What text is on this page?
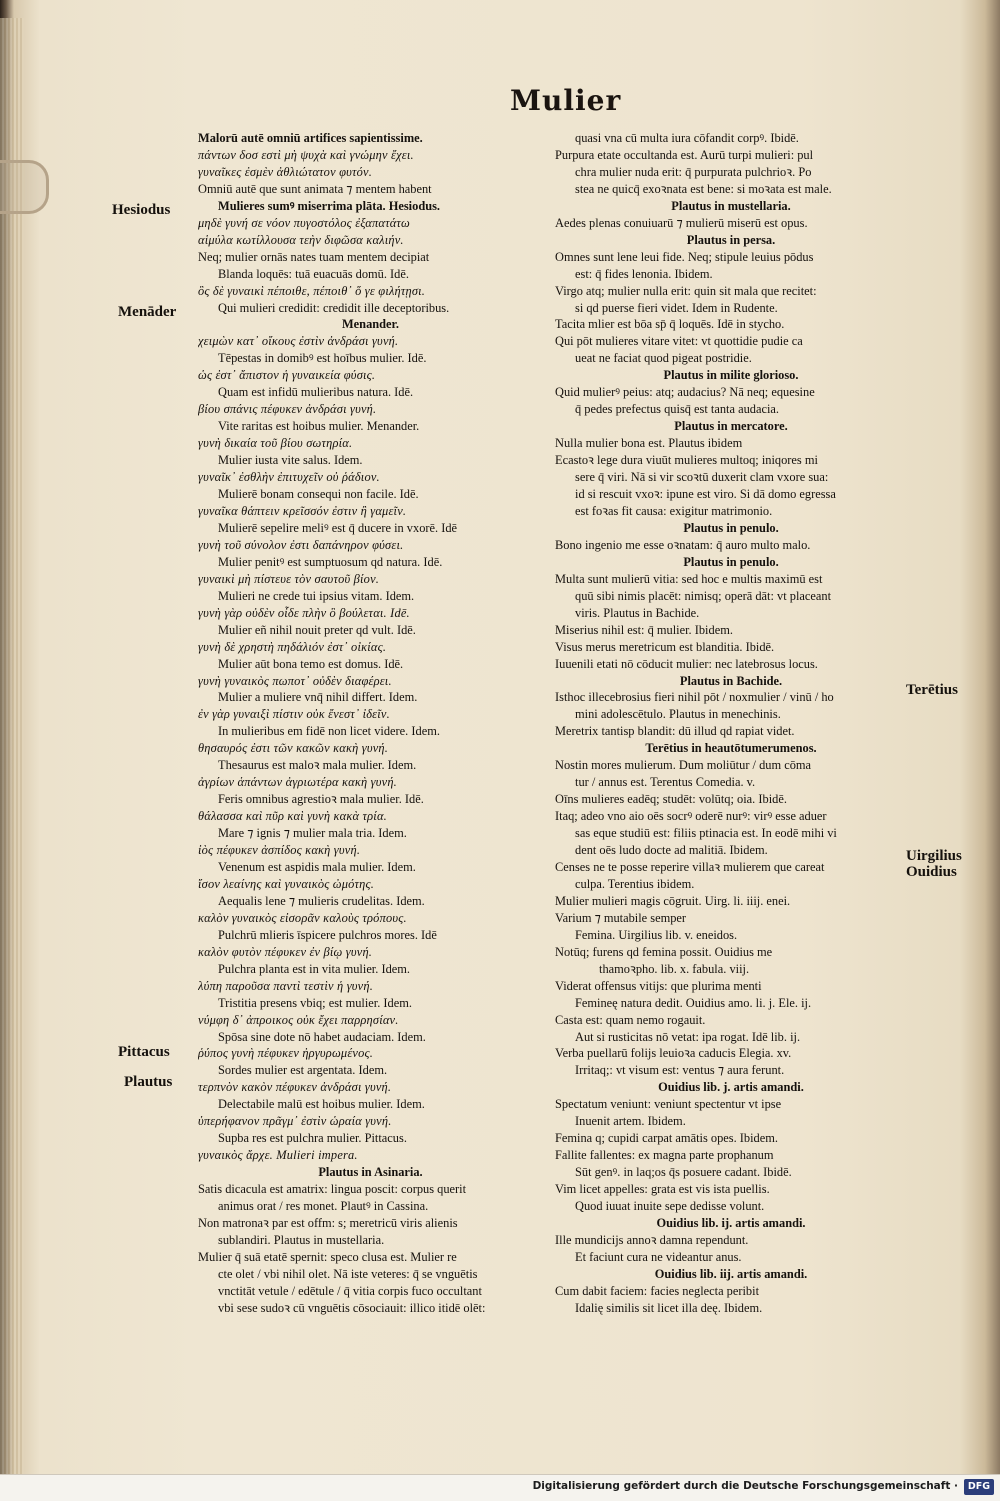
Mulier
Hesiodus
Menāder
Pittacus
Plautus
Terētius
Uirgilius
Ouidius
Malorū autē omniū artifices sapientissime.
πάντων δοσ εστὶ μὴ ψυχὰ καὶ γνώμην ἔχει.
γυναῖκες ἐσμὲν ἀθλιώτατον φυτόν.
Omniū autē que sunt animata ⁊ mentem habent
Mulieres sumꝰ miserrima plāta. Hesiodus.
μηδὲ γυνή σε νόον πυγοστόλος ἐξαπατάτω
αἱμύλα κωτίλλουσα τεὴν διφῶσα καλιήν.
Neq; mulier ornās nates tuam mentem decipiat
Blanda loquēs: tuā euacuās domū. Idē.
ὃς δὲ γυναικὶ πέποιθε, πέποιθ᾽ ὅ γε φιλήτῃσι.
Qui mulieri credidit: credidit ille deceptoribus.
Menander.
χειμὼν κατ᾽ οἴκους ἐστὶν ἀνδράσι γυνή.
Tēpestas in domibꝰ est hoībus mulier. Idē.
ὡς ἐστ᾽ ἄπιστον ἡ γυναικεία φύσις.
Quam est infidū mulieribus natura. Idē.
βίου σπάνις πέφυκεν ἀνδράσι γυνή.
Vite raritas est hoibus mulier. Menander.
γυνὴ δικαία τοῦ βίου σωτηρία.
Mulier iusta vite salus. Idem.
γυναῖκ᾽ ἐσθλὴν ἐπιτυχεῖν οὐ ῥάδιον.
Mulierē bonam consequi non facile. Idē.
γυναῖκα θάπτειν κρεῖσσόν ἐστιν ἢ γαμεῖν.
Mulierē sepelire meliꝰ est q̄ ducere in vxorē. Idē
γυνὴ τοῦ σύνολον ἐστι δαπάνηρον φύσει.
Mulier penitꝰ est sumptuosum qd natura. Idē.
γυναικὶ μὴ πίστευε τὸν σαυτοῦ βίον.
Mulieri ne crede tui ipsius vitam. Idem.
γυνὴ γὰρ οὐδὲν οἶδε πλὴν ὃ βούλεται. Idē.
Mulier eñ nihil nouit preter qd vult. Idē.
γυνὴ δὲ χρηστὴ πηδάλιόν ἐστ᾽ οἰκίας.
Mulier aūt bona temo est domus. Idē.
γυνὴ γυναικὸς πωποτ᾽ οὐδὲν διαφέρει.
Mulier a muliere vnq̄ nihil differt. Idem.
ἐν γὰρ γυναιξὶ πίστιν οὐκ ἔνεστ᾽ ἰδεῖν.
In mulieribus em fidē non licet videre. Idem.
θησαυρός ἐστι τῶν κακῶν κακὴ γυνή.
Thesaurus est maloꝛ mala mulier. Idem.
ἀγρίων ἁπάντων ἀγριωτέρα κακὴ γυνή.
Feris omnibus agrestioꝛ mala mulier. Idē.
θάλασσα καὶ πῦρ καὶ γυνὴ κακὰ τρία.
Mare ⁊ ignis ⁊ mulier mala tria. Idem.
ἰὸς πέφυκεν ἀσπίδος κακὴ γυνή.
Venenum est aspidis mala mulier. Idem.
ἴσον λεαίνης καὶ γυναικὸς ὠμότης.
Aequalis lene ⁊ mulieris crudelitas. Idem.
καλὸν γυναικὸς εἰσορᾶν καλοὺς τρόπους.
Pulchrū mlieris īspicere pulchros mores. Idē
καλὸν φυτὸν πέφυκεν ἐν βίῳ γυνή.
Pulchra planta est in vita mulier. Idem.
λύπη παροῦσα παντὶ τεστὶν ἡ γυνή.
Tristitia presens vbiq; est mulier. Idem.
νύμφη δ᾽ ἀπροικος οὐκ ἔχει παρρησίαν.
Spōsa sine dote nō habet audaciam. Idem.
ῥύπος γυνὴ πέφυκεν ἠργυρωμένος.
Sordes mulier est argentata. Idem.
τερπνὸν κακὸν πέφυκεν ἀνδράσι γυνή.
Delectabile malū est hoibus mulier. Idem.
ὑπερήφανον πρᾶγμ᾽ ἐστὶν ὡραία γυνή.
Supba res est pulchra mulier. Pittacus.
γυναικὸς ἄρχε. Mulieri impera.
Plautus in Asinaria.
Satis dicacula est amatrix: lingua poscit: corpus querit
animus orat / res monet. Plautꝰ in Cassina.
Non matronaꝛ par est offm: s; meretricū viris alienis
sublandiri. Plautus in mustellaria.
Mulier q̄ suā etatē spernit: speco clusa est. Mulier re
cte olet / vbi nihil olet. Nā iste veteres: q̄ se vnguētis
vnctitāt vetule / edētule / q̄ vitia corpis fuco occultant
vbi sese sudoꝛ cū vnguētis cōsociauit: illico itidē olēt:
quasi vna cū multa iura cōfandit corpꝰ. Ibidē.
Purpura etate occultanda est. Aurū turpi mulieri: pul
chra mulier nuda erit: q̄ purpurata pulchrioꝛ. Po
stea ne quicq̄ exoꝛnata est bene: si moꝛata est male.
Plautus in mustellaria.
Aedes plenas conuiuarū ⁊ mulierū miserū est opus.
Plautus in persa.
Omnes sunt lene leui fide. Neq; stipule leuius pōdus
est: q̄ fides lenonia. Ibidem.
Virgo atq; mulier nulla erit: quin sit mala que recitet:
si qd puerse fieri videt. Idem in Rudente.
Tacita mlier est bōa sp̄ q̄ loquēs. Idē in stycho.
Qui pōt mulieres vitare vitet: vt quottidie pudie ca
ueat ne faciat quod pigeat postridie.
Plautus in milite glorioso.
Quid mulierꝰ peius: atq; audacius? Nā neq; equesine
q̄ pedes prefectus quisq̄ est tanta audacia.
Plautus in mercatore.
Nulla mulier bona est. Plautus ibidem
Ecastoꝛ lege dura viuūt mulieres multoq; iniqores mi
sere q̄ viri. Nā si vir scoꝛtū duxerit clam vxore sua:
id si rescuit vxoꝛ: ipune est viro. Si dā domo egressa
est foꝛas fit causa: exigitur matrimonio.
Plautus in penulo.
Bono ingenio me esse oꝛnatam: q̄ auro multo malo.
Plautus in penulo.
Multa sunt mulierū vitia: sed hoc e multis maximū est
quū sibi nimis placēt: nimisq; operā dāt: vt placeant
viris. Plautus in Bachide.
Miserius nihil est: q̄ mulier. Ibidem.
Visus merus meretricum est blanditia. Ibidē.
Iuuenili etati nō cōducit mulier: nec latebrosus locus.
Plautus in Bachide.
Isthoc illecebrosius fieri nihil pōt / noxmulier / vinū / ho
mini adolescētulo. Plautus in menechinis.
Meretrix tantisp blandit: dū illud qd rapiat videt.
Terētius in heautōtumerumenos.
Nostin mores mulierum. Dum moliūtur / dum cōma
tur / annus est. Terentus Comedia. v.
Oīns mulieres eadēq; studēt: volūtq; oia. Ibidē.
Itaq; adeo vno aio oēs socrꝰ oderē nurꝰ: virꝰ esse aduer
sas eque studiū est: filiis ptinacia est. In eodē mihi vi
dent oēs ludo docte ad malitiā. Ibidem.
Censes ne te posse reperire villaꝛ mulierem que careat
culpa. Terentius ibidem.
Mulier mulieri magis cōgruit. Uirg. li. iiij. enei.
Varium ⁊ mutabile semper
Femina. Uirgilius lib. v. eneidos.
Notūq; furens qd femina possit. Ouidius me
thamoꝛpho. lib. x. fabula. viij.
Viderat offensus vitijs: que plurima menti
Femineę natura dedit. Ouidius amo. li. j. Ele. ij.
Casta est: quam nemo rogauit.
Aut si rusticitas nō vetat: ipa rogat. Idē lib. ij.
Verba puellarū folijs leuioꝛa caducis Elegia. xv.
Irritaq;: vt visum est: ventus ⁊ aura ferunt.
Ouidius lib. j. artis amandi.
Spectatum veniunt: veniunt spectentur vt ipse
Inuenit artem. Ibidem.
Femina q; cupidi carpat amātis opes. Ibidem.
Fallite fallentes: ex magna parte prophanum
Sūt genꝰ. in laq;os q̄s posuere cadant. Ibidē.
Vim licet appelles: grata est vis ista puellis.
Quod iuuat inuite sepe dedisse volunt.
Ouidius lib. ij. artis amandi.
Ille mundicijs annoꝛ damna rependunt.
Et faciunt cura ne videantur anus.
Ouidius lib. iij. artis amandi.
Cum dabit faciem: facies neglecta peribit
Idalię similis sit licet illa deę. Ibidem.
Digitalisierung gefördert durch die Deutsche Forschungsgemeinschaft ·	DFG
